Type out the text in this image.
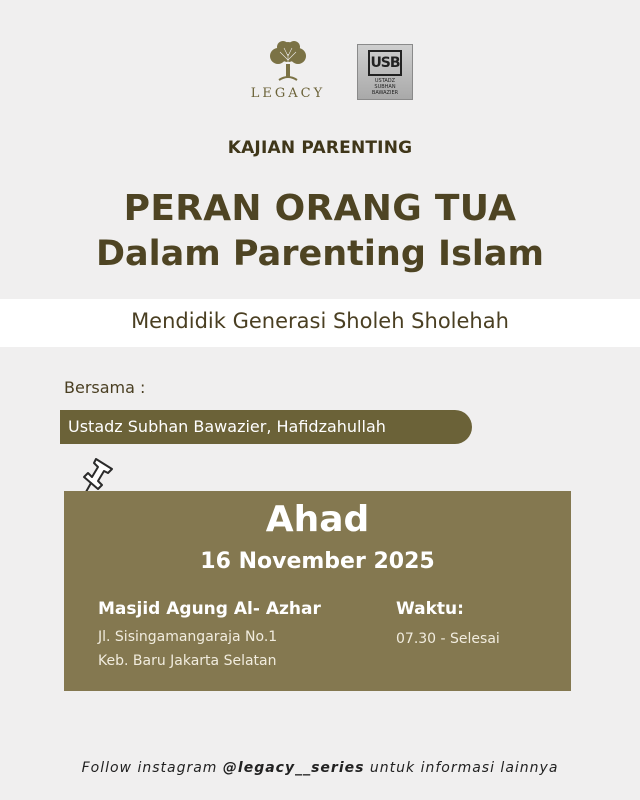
LEGACY
USB
USTADZ
SUBHAN
BAWAZIER
KAJIAN PARENTING
PERAN ORANG TUA
Dalam Parenting Islam
Mendidik Generasi Sholeh Sholehah
Bersama :
Ustadz Subhan Bawazier, Hafidzahullah
Ahad
16 November 2025
Masjid Agung Al- Azhar
Jl. Sisingamangaraja No.1
Keb. Baru Jakarta Selatan
Waktu:
07.30 - Selesai
Follow instagram @legacy__series untuk informasi lainnya
